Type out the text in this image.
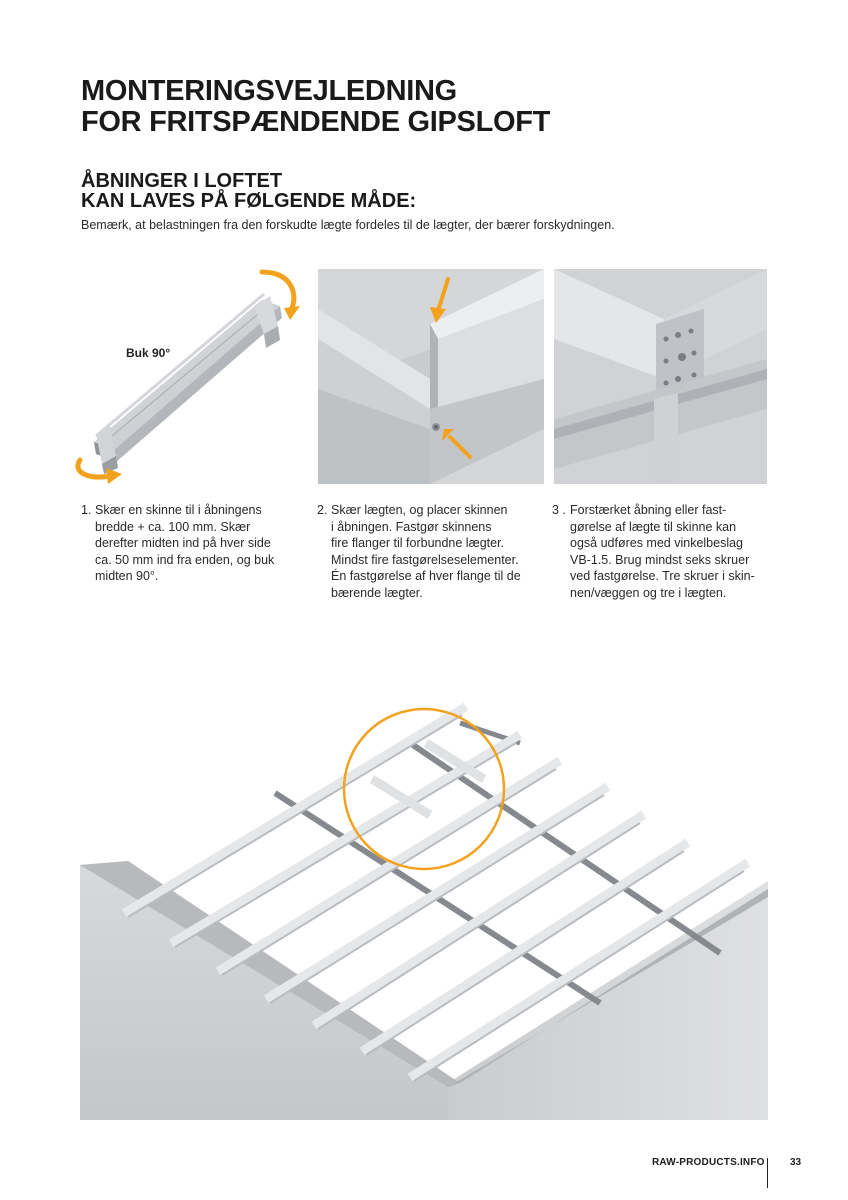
MONTERINGSVEJLEDNING
FOR FRITSPÆNDENDE GIPSLOFT
ÅBNINGER I LOFTET
KAN LAVES PÅ FØLGENDE MÅDE:

Bemærk, at belastningen fra den forskudte lægte fordeles til de lægter, der bærer forskydningen.

Buk 90°
1. Skær en skinne til i åbningens
bredde + ca. 100 mm. Skær
derefter midten ind på hver side
ca. 50 mm ind fra enden, og buk
midten 90°.
2. Skær lægten, og placer skinnen
i åbningen. Fastgør skinnens
fire flanger til forbundne lægter.
Mindst fire fastgørelseselementer.
Én fastgørelse af hver flange til de
bærende lægter.
3 . Forstærket åbning eller fast-
gørelse af lægte til skinne kan
også udføres med vinkelbeslag
VB-1.5. Brug mindst seks skruer
ved fastgørelse. Tre skruer i skin-
nen/væggen og tre i lægten.
RAW-PRODUCTS.INFO	33
